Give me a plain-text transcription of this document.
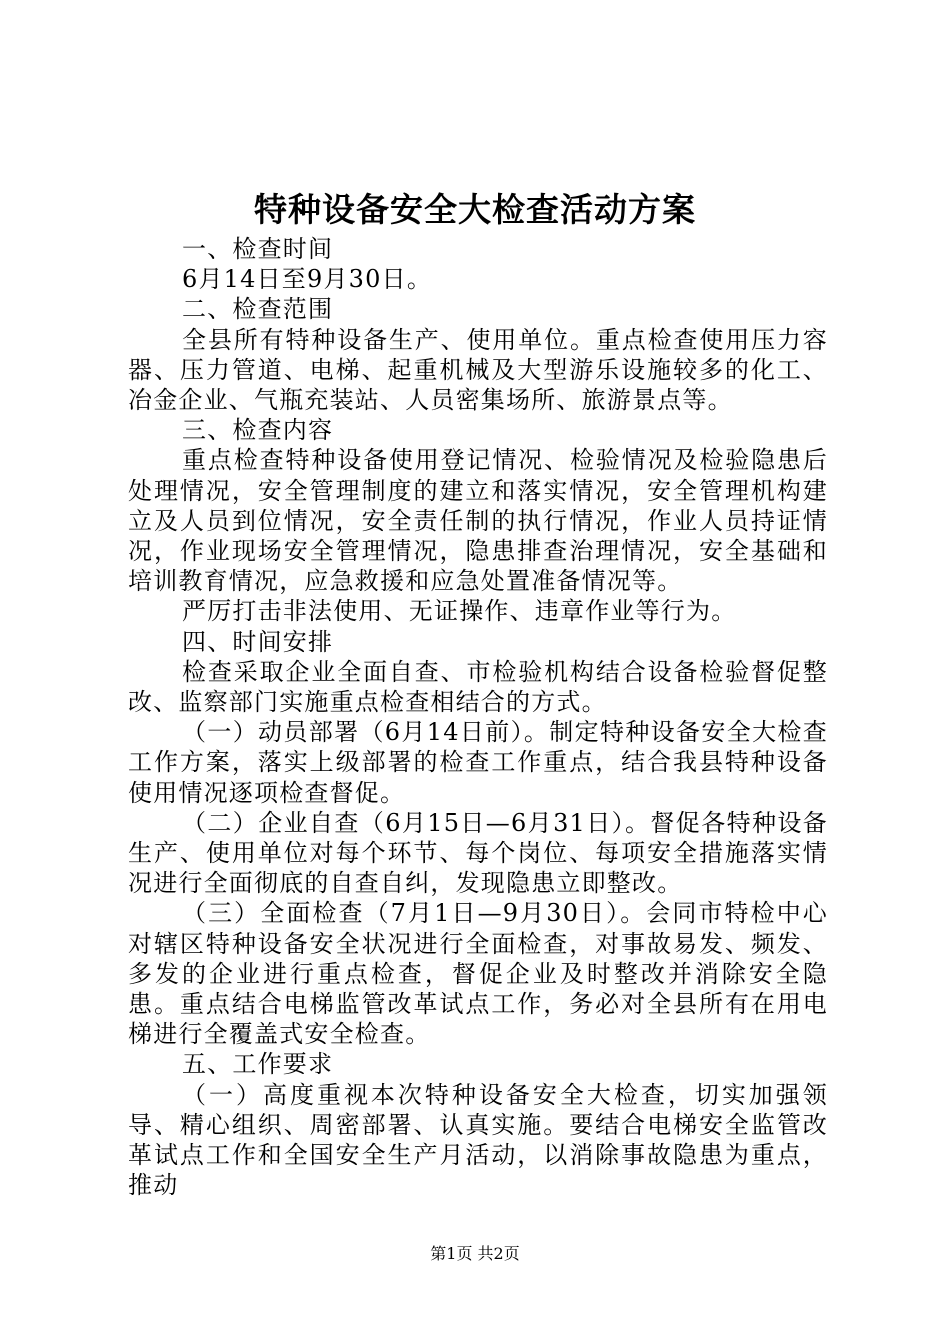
特种设备安全大检查活动方案

一、检查时间

6月14日至9月30日。

二、检查范围

全县所有特种设备生产、使用单位。重点检查使用压力容器、压力管道、电梯、起重机械及大型游乐设施较多的化工、冶金企业、气瓶充装站、人员密集场所、旅游景点等。

三、检查内容

重点检查特种设备使用登记情况、检验情况及检验隐患后处理情况，安全管理制度的建立和落实情况，安全管理机构建立及人员到位情况，安全责任制的执行情况，作业人员持证情况，作业现场安全管理情况，隐患排查治理情况，安全基础和培训教育情况，应急救援和应急处置准备情况等。

严厉打击非法使用、无证操作、违章作业等行为。

四、时间安排

检查采取企业全面自查、市检验机构结合设备检验督促整改、监察部门实施重点检查相结合的方式。

（一）动员部署（6月14日前）。制定特种设备安全大检查工作方案，落实上级部署的检查工作重点，结合我县特种设备使用情况逐项检查督促。

（二）企业自查（6月15日—6月31日）。督促各特种设备生产、使用单位对每个环节、每个岗位、每项安全措施落实情况进行全面彻底的自查自纠，发现隐患立即整改。

（三）全面检查（7月1日—9月30日）。会同市特检中心对辖区特种设备安全状况进行全面检查，对事故易发、频发、多发的企业进行重点检查，督促企业及时整改并消除安全隐患。重点结合电梯监管改革试点工作，务必对全县所有在用电梯进行全覆盖式安全检查。

五、工作要求

（一）高度重视本次特种设备安全大检查，切实加强领导、精心组织、周密部署、认真实施。要结合电梯安全监管改革试点工作和全国安全生产月活动，以消除事故隐患为重点，推动

第1页 共2页
